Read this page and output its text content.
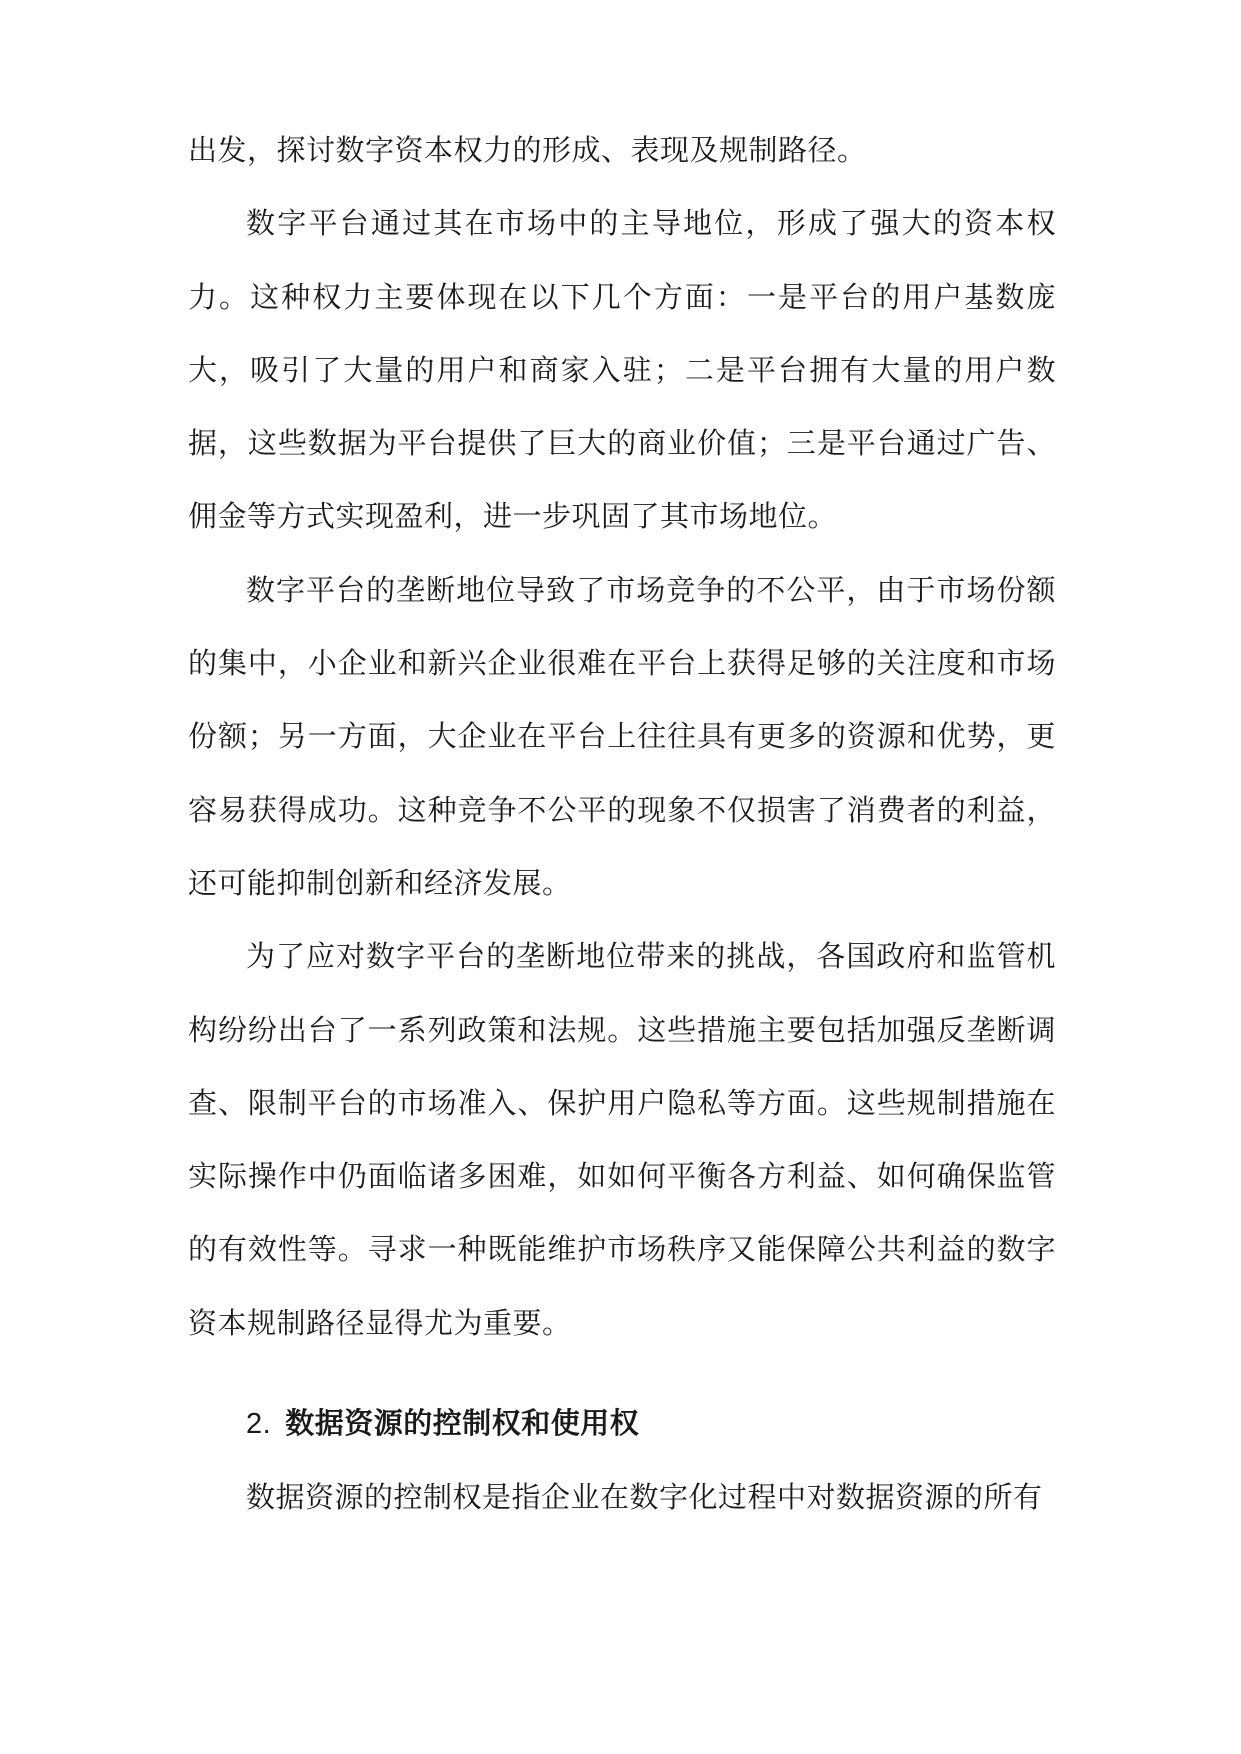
出发，探讨数字资本权力的形成、表现及规制路径。

数字平台通过其在市场中的主导地位，形成了强大的资本权力。这种权力主要体现在以下几个方面：一是平台的用户基数庞大，吸引了大量的用户和商家入驻；二是平台拥有大量的用户数据，这些数据为平台提供了巨大的商业价值；三是平台通过广告、佣金等方式实现盈利，进一步巩固了其市场地位。

数字平台的垄断地位导致了市场竞争的不公平，由于市场份额的集中，小企业和新兴企业很难在平台上获得足够的关注度和市场份额；另一方面，大企业在平台上往往具有更多的资源和优势，更容易获得成功。这种竞争不公平的现象不仅损害了消费者的利益，还可能抑制创新和经济发展。

为了应对数字平台的垄断地位带来的挑战，各国政府和监管机构纷纷出台了一系列政策和法规。这些措施主要包括加强反垄断调查、限制平台的市场准入、保护用户隐私等方面。这些规制措施在实际操作中仍面临诸多困难，如如何平衡各方利益、如何确保监管的有效性等。寻求一种既能维护市场秩序又能保障公共利益的数字资本规制路径显得尤为重要。

2. 数据资源的控制权和使用权

数据资源的控制权是指企业在数字化过程中对数据资源的所有
